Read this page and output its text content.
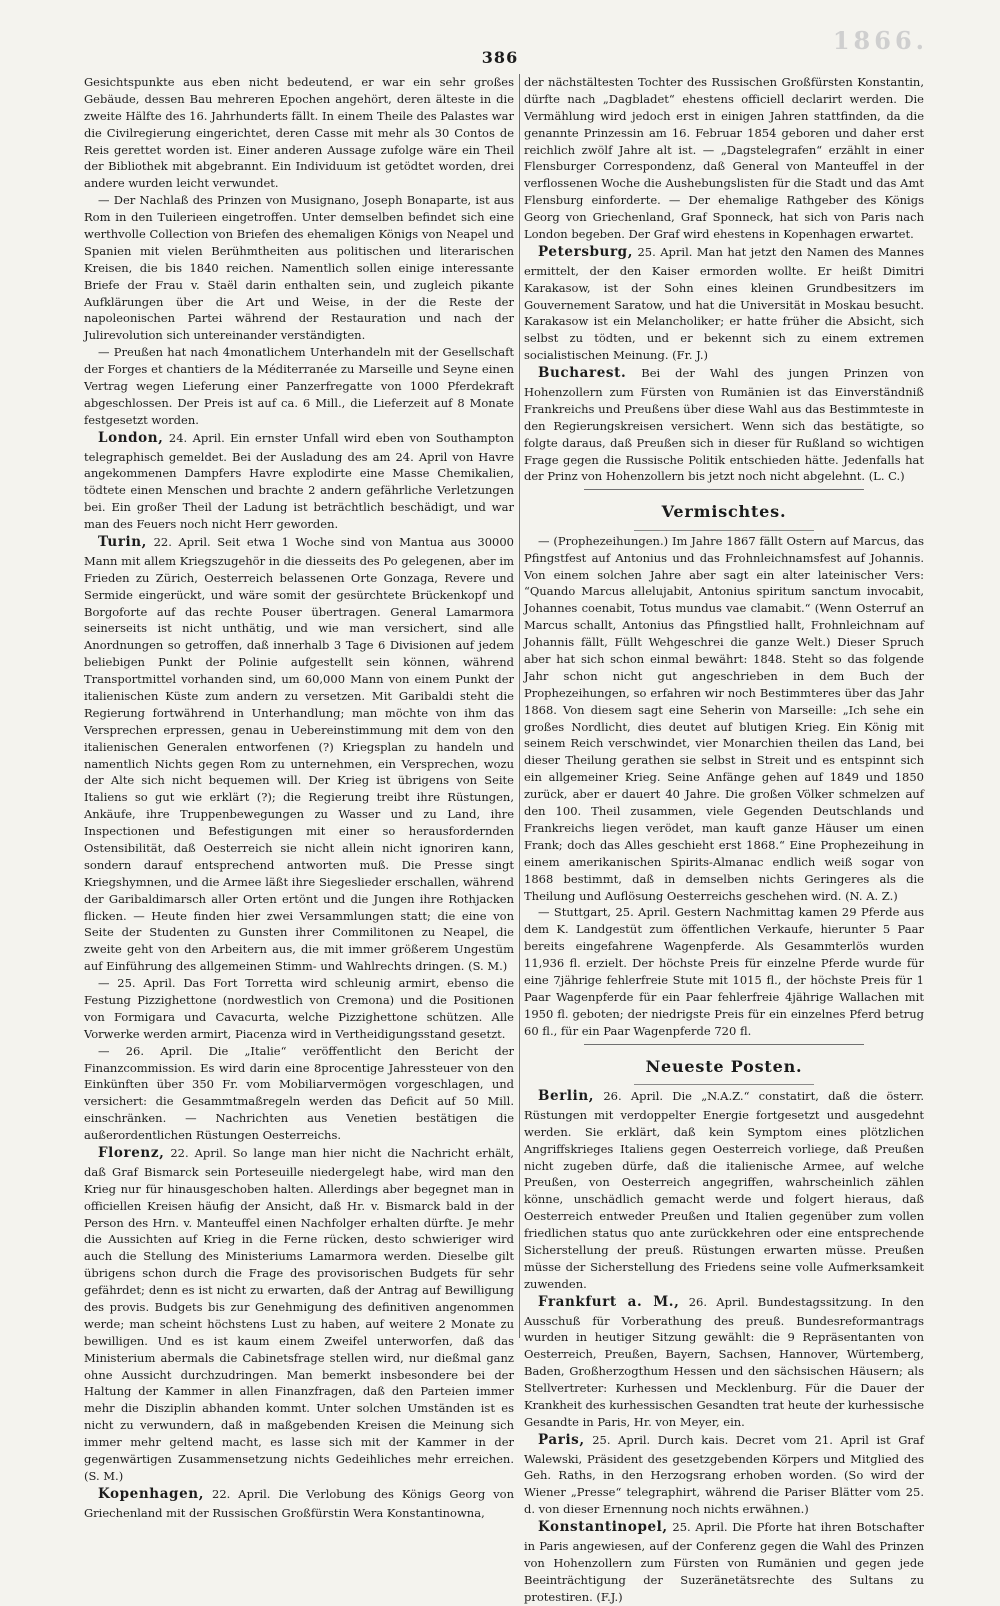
1866.
386

Gesichtspunkte aus eben nicht bedeutend, er war ein sehr großes Gebäude, dessen Bau mehreren Epochen angehört, deren älteste in die zweite Hälfte des 16. Jahrhunderts fällt. In einem Theile des Palastes war die Civilregierung eingerichtet, deren Casse mit mehr als 30 Contos de Reis gerettet worden ist. Einer anderen Aussage zufolge wäre ein Theil der Bibliothek mit abgebrannt. Ein Individuum ist getödtet worden, drei andere wurden leicht verwundet.

— Der Nachlaß des Prinzen von Musignano, Joseph Bonaparte, ist aus Rom in den Tuilerieen eingetroffen. Unter demselben befindet sich eine werthvolle Collection von Briefen des ehemaligen Königs von Neapel und Spanien mit vielen Berühmtheiten aus politischen und literarischen Kreisen, die bis 1840 reichen. Namentlich sollen einige interessante Briefe der Frau v. Staël darin enthalten sein, und zugleich pikante Aufklärungen über die Art und Weise, in der die Reste der napoleonischen Partei während der Restauration und nach der Julirevolution sich untereinander verständigten.

— Preußen hat nach 4monatlichem Unterhandeln mit der Gesellschaft der Forges et chantiers de la Méditerranée zu Marseille und Seyne einen Vertrag wegen Lieferung einer Panzerfregatte von 1000 Pferdekraft abgeschlossen. Der Preis ist auf ca. 6 Mill., die Lieferzeit auf 8 Monate festgesetzt worden.

London, 24. April. Ein ernster Unfall wird eben von Southampton telegraphisch gemeldet. Bei der Ausladung des am 24. April von Havre angekommenen Dampfers Havre explodirte eine Masse Chemikalien, tödtete einen Menschen und brachte 2 andern gefährliche Verletzungen bei. Ein großer Theil der Ladung ist beträchtlich beschädigt, und war man des Feuers noch nicht Herr geworden.

Turin, 22. April. Seit etwa 1 Woche sind von Mantua aus 30000 Mann mit allem Kriegszugehör in die diesseits des Po gelegenen, aber im Frieden zu Zürich, Oesterreich belassenen Orte Gonzaga, Revere und Sermide eingerückt, und wäre somit der gesürchtete Brückenkopf und Borgoforte auf das rechte Pouser übertragen. General Lamarmora seinerseits ist nicht unthätig, und wie man versichert, sind alle Anordnungen so getroffen, daß innerhalb 3 Tage 6 Divisionen auf jedem beliebigen Punkt der Polinie aufgestellt sein können, während Transportmittel vorhanden sind, um 60,000 Mann von einem Punkt der italienischen Küste zum andern zu versetzen. Mit Garibaldi steht die Regierung fortwährend in Unterhandlung; man möchte von ihm das Versprechen erpressen, genau in Uebereinstimmung mit dem von den italienischen Generalen entworfenen (?) Kriegsplan zu handeln und namentlich Nichts gegen Rom zu unternehmen, ein Versprechen, wozu der Alte sich nicht bequemen will. Der Krieg ist übrigens von Seite Italiens so gut wie erklärt (?); die Regierung treibt ihre Rüstungen, Ankäufe, ihre Truppenbewegungen zu Wasser und zu Land, ihre Inspectionen und Befestigungen mit einer so herausfordernden Ostensibilität, daß Oesterreich sie nicht allein nicht ignoriren kann, sondern darauf entsprechend antworten muß. Die Presse singt Kriegshymnen, und die Armee läßt ihre Siegeslieder erschallen, während der Garibaldimarsch aller Orten ertönt und die Jungen ihre Rothjacken flicken. — Heute finden hier zwei Versammlungen statt; die eine von Seite der Studenten zu Gunsten ihrer Commilitonen zu Neapel, die zweite geht von den Arbeitern aus, die mit immer größerem Ungestüm auf Einführung des allgemeinen Stimm- und Wahlrechts dringen. (S. M.)

— 25. April. Das Fort Torretta wird schleunig armirt, ebenso die Festung Pizzighettone (nordwestlich von Cremona) und die Positionen von Formigara und Cavacurta, welche Pizzighettone schützen. Alle Vorwerke werden armirt, Piacenza wird in Vertheidigungsstand gesetzt.

— 26. April. Die „Italie“ veröffentlicht den Bericht der Finanzcommission. Es wird darin eine 8procentige Jahressteuer von den Einkünften über 350 Fr. vom Mobiliarvermögen vorgeschlagen, und versichert: die Gesammtmaßregeln werden das Deficit auf 50 Mill. einschränken. — Nachrichten aus Venetien bestätigen die außerordentlichen Rüstungen Oesterreichs.

Florenz, 22. April. So lange man hier nicht die Nachricht erhält, daß Graf Bismarck sein Porteseuille niedergelegt habe, wird man den Krieg nur für hinausgeschoben halten. Allerdings aber begegnet man in officiellen Kreisen häufig der Ansicht, daß Hr. v. Bismarck bald in der Person des Hrn. v. Manteuffel einen Nachfolger erhalten dürfte. Je mehr die Aussichten auf Krieg in die Ferne rücken, desto schwieriger wird auch die Stellung des Ministeriums Lamarmora werden. Dieselbe gilt übrigens schon durch die Frage des provisorischen Budgets für sehr gefährdet; denn es ist nicht zu erwarten, daß der Antrag auf Bewilligung des provis. Budgets bis zur Genehmigung des definitiven angenommen werde; man scheint höchstens Lust zu haben, auf weitere 2 Monate zu bewilligen. Und es ist kaum einem Zweifel unterworfen, daß das Ministerium abermals die Cabinetsfrage stellen wird, nur dießmal ganz ohne Aussicht durchzudringen. Man bemerkt insbesondere bei der Haltung der Kammer in allen Finanzfragen, daß den Parteien immer mehr die Disziplin abhanden kommt. Unter solchen Umständen ist es nicht zu verwundern, daß in maßgebenden Kreisen die Meinung sich immer mehr geltend macht, es lasse sich mit der Kammer in der gegenwärtigen Zusammensetzung nichts Gedeihliches mehr erreichen. (S. M.)

Kopenhagen, 22. April. Die Verlobung des Königs Georg von Griechenland mit der Russischen Großfürstin Wera Konstantinowna,

der nächstältesten Tochter des Russischen Großfürsten Konstantin, dürfte nach „Dagbladet“ ehestens officiell declarirt werden. Die Vermählung wird jedoch erst in einigen Jahren stattfinden, da die genannte Prinzessin am 16. Februar 1854 geboren und daher erst reichlich zwölf Jahre alt ist. — „Dagstelegrafen“ erzählt in einer Flensburger Correspondenz, daß General von Manteuffel in der verflossenen Woche die Aushebungslisten für die Stadt und das Amt Flensburg einforderte. — Der ehemalige Rathgeber des Königs Georg von Griechenland, Graf Sponneck, hat sich von Paris nach London begeben. Der Graf wird ehestens in Kopenhagen erwartet.

Petersburg, 25. April. Man hat jetzt den Namen des Mannes ermittelt, der den Kaiser ermorden wollte. Er heißt Dimitri Karakasow, ist der Sohn eines kleinen Grundbesitzers im Gouvernement Saratow, und hat die Universität in Moskau besucht. Karakasow ist ein Melancholiker; er hatte früher die Absicht, sich selbst zu tödten, und er bekennt sich zu einem extremen socialistischen Meinung. (Fr. J.)

Bucharest. Bei der Wahl des jungen Prinzen von Hohenzollern zum Fürsten von Rumänien ist das Einverständniß Frankreichs und Preußens über diese Wahl aus das Bestimmteste in den Regierungskreisen versichert. Wenn sich das bestätigte, so folgte daraus, daß Preußen sich in dieser für Rußland so wichtigen Frage gegen die Russische Politik entschieden hätte. Jedenfalls hat der Prinz von Hohenzollern bis jetzt noch nicht abgelehnt. (L. C.)

Vermischtes.

— (Prophezeihungen.) Im Jahre 1867 fällt Ostern auf Marcus, das Pfingstfest auf Antonius und das Frohnleichnamsfest auf Johannis. Von einem solchen Jahre aber sagt ein alter lateinischer Vers: “Quando Marcus allelujabit, Antonius spiritum sanctum invocabit, Johannes coenabit, Totus mundus vae clamabit.“ (Wenn Osterruf an Marcus schallt, Antonius das Pfingstlied hallt, Frohnleichnam auf Johannis fällt, Füllt Wehgeschrei die ganze Welt.) Dieser Spruch aber hat sich schon einmal bewährt: 1848. Steht so das folgende Jahr schon nicht gut angeschrieben in dem Buch der Prophezeihungen, so erfahren wir noch Bestimmteres über das Jahr 1868. Von diesem sagt eine Seherin von Marseille: „Ich sehe ein großes Nordlicht, dies deutet auf blutigen Krieg. Ein König mit seinem Reich verschwindet, vier Monarchien theilen das Land, bei dieser Theilung gerathen sie selbst in Streit und es entspinnt sich ein allgemeiner Krieg. Seine Anfänge gehen auf 1849 und 1850 zurück, aber er dauert 40 Jahre. Die großen Völker schmelzen auf den 100. Theil zusammen, viele Gegenden Deutschlands und Frankreichs liegen verödet, man kauft ganze Häuser um einen Frank; doch das Alles geschieht erst 1868.“ Eine Prophezeihung in einem amerikanischen Spirits-Almanac endlich weiß sogar von 1868 bestimmt, daß in demselben nichts Geringeres als die Theilung und Auflösung Oesterreichs geschehen wird. (N. A. Z.)

— Stuttgart, 25. April. Gestern Nachmittag kamen 29 Pferde aus dem K. Landgestüt zum öffentlichen Verkaufe, hierunter 5 Paar bereits eingefahrene Wagenpferde. Als Gesammterlös wurden 11,936 fl. erzielt. Der höchste Preis für einzelne Pferde wurde für eine 7jährige fehlerfreie Stute mit 1015 fl., der höchste Preis für 1 Paar Wagenpferde für ein Paar fehlerfreie 4jährige Wallachen mit 1950 fl. geboten; der niedrigste Preis für ein einzelnes Pferd betrug 60 fl., für ein Paar Wagenpferde 720 fl.

Neueste Posten.

Berlin, 26. April. Die „N.A.Z.“ constatirt, daß die österr. Rüstungen mit verdoppelter Energie fortgesetzt und ausgedehnt werden. Sie erklärt, daß kein Symptom eines plötzlichen Angriffskrieges Italiens gegen Oesterreich vorliege, daß Preußen nicht zugeben dürfe, daß die italienische Armee, auf welche Preußen, von Oesterreich angegriffen, wahrscheinlich zählen könne, unschädlich gemacht werde und folgert hieraus, daß Oesterreich entweder Preußen und Italien gegenüber zum vollen friedlichen status quo ante zurückkehren oder eine entsprechende Sicherstellung der preuß. Rüstungen erwarten müsse. Preußen müsse der Sicherstellung des Friedens seine volle Aufmerksamkeit zuwenden.

Frankfurt a. M., 26. April. Bundestagssitzung. In den Ausschuß für Vorberathung des preuß. Bundesreformantrags wurden in heutiger Sitzung gewählt: die 9 Repräsentanten von Oesterreich, Preußen, Bayern, Sachsen, Hannover, Würtemberg, Baden, Großherzogthum Hessen und den sächsischen Häusern; als Stellvertreter: Kurhessen und Mecklenburg. Für die Dauer der Krankheit des kurhessischen Gesandten trat heute der kurhessische Gesandte in Paris, Hr. von Meyer, ein.

Paris, 25. April. Durch kais. Decret vom 21. April ist Graf Walewski, Präsident des gesetzgebenden Körpers und Mitglied des Geh. Raths, in den Herzogsrang erhoben worden. (So wird der Wiener „Presse“ telegraphirt, während die Pariser Blätter vom 25. d. von dieser Ernennung noch nichts erwähnen.)

Konstantinopel, 25. April. Die Pforte hat ihren Botschafter in Paris angewiesen, auf der Conferenz gegen die Wahl des Prinzen von Hohenzollern zum Fürsten von Rumänien und gegen jede Beeinträchtigung der Suzeränetätsrechte des Sultans zu protestiren. (F.J.)
